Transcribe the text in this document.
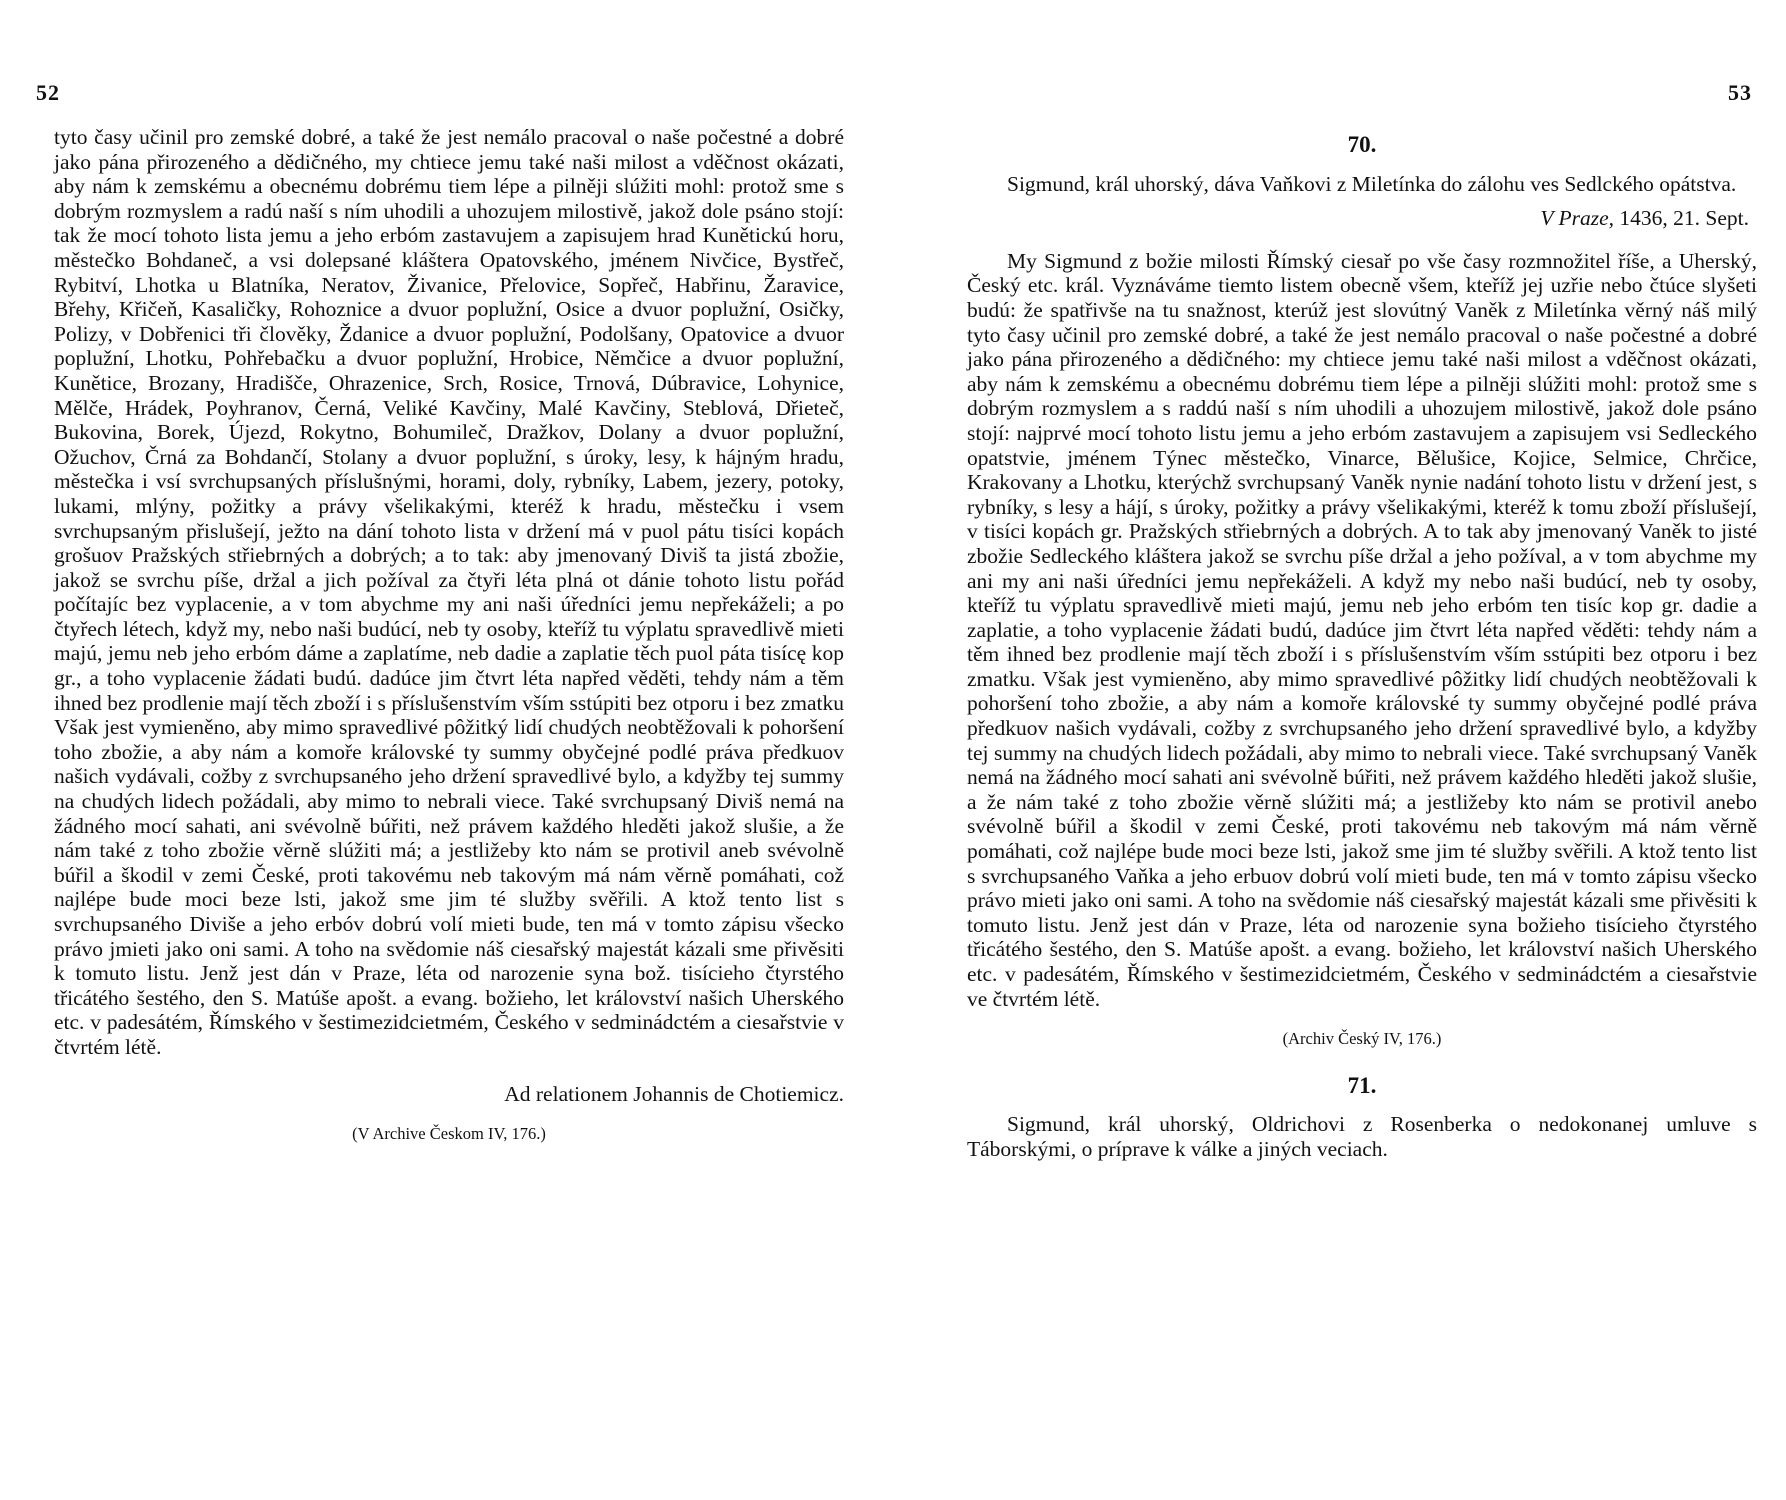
52

tyto časy učinil pro zemské dobré, a také že jest nemálo pracoval o naše počestné a dobré jako pána přirozeného a dědičného, my chtiece jemu také naši milost a vděčnost okázati, aby nám k zemskému a obecnému dobrému tiem lépe a pilněji slúžiti mohl: protož sme s dobrým rozmyslem a radú naší s ním uhodili a uhozujem milostivě, jakož dole psáno stojí: tak že mocí tohoto lista jemu a jeho erbóm zastavujem a zapisujem hrad Kunětickú horu, městečko Bohdaneč, a vsi dolepsané kláštera Opatovského, jménem Nivčice, Bystřeč, Rybitví, Lhotka u Blatníka, Neratov, Živanice, Přelovice, Sopřeč, Habřinu, Žaravice, Břehy, Křičeň, Kasaličky, Rohoznice a dvuor poplužní, Osice a dvuor poplužní, Osičky, Polizy, v Dobřenici tři člověky, Ždanice a dvuor poplužní, Podolšany, Opatovice a dvuor poplužní, Lhotku, Pohřebačku a dvuor poplužní, Hrobice, Němčice a dvuor poplužní, Kunětice, Brozany, Hradišče, Ohrazenice, Srch, Rosice, Trnová, Dúbravice, Lohynice, Mělče, Hrádek, Poyhranov, Černá, Veliké Kavčiny, Malé Kavčiny, Steblová, Dřieteč, Bukovina, Borek, Újezd, Rokytno, Bohumileč, Dražkov, Dolany a dvuor poplužní, Ožuchov, Črná za Bohdančí, Stolany a dvuor poplužní, s úroky, lesy, k hájným hradu, městečka i vsí svrchupsaných příslušnými, horami, doly, rybníky, Labem, jezery, potoky, lukami, mlýny, požitky a právy všelikakými, kteréž k hradu, městečku i vsem svrchupsaným přislušejí, ježto na dání tohoto lista v držení má v puol pátu tisíci kopách grošuov Pražských střiebrných a dobrých; a to tak: aby jmenovaný Diviš ta jistá zbožie, jakož se svrchu píše, držal a jich požíval za čtyři léta plná ot dánie tohoto listu pořád počítajíc bez vyplacenie, a v tom abychme my ani naši úředníci jemu nepřekáželi; a po čtyřech létech, když my, nebo naši budúcí, neb ty osoby, kteříž tu výplatu spravedlivě mieti majú, jemu neb jeho erbóm dáme a zaplatíme, neb dadie a zaplatie těch puol páta tisícę kop gr., a toho vyplacenie žádati budú. dadúce jim čtvrt léta napřed věděti, tehdy nám a těm ihned bez prodlenie mají těch zboží i s příslušenstvím vším sstúpiti bez otporu i bez zmatku Však jest vymieněno, aby mimo spravedlivé pôžitký lidí chudých neobtěžovali k pohoršení toho zbožie, a aby nám a komoře královské ty summy obyčejné podlé práva předkuov našich vydávali, cožby z svrchupsaného jeho držení spravedlivé bylo, a kdyžby tej summy na chudých lidech požádali, aby mimo to nebrali viece. Také svrchupsaný Diviš nemá na žádného mocí sahati, ani svévolně búřiti, než právem každého hleděti jakož slušie, a že nám také z toho zbožie věrně slúžiti má; a jestližeby kto nám se protivil aneb svévolně búřil a škodil v zemi České, proti takovému neb takovým má nám věrně pomáhati, což najlépe bude moci beze lsti, jakož sme jim té služby svěřili. A ktož tento list s svrchupsaného Diviše a jeho erbóv dobrú volí mieti bude, ten má v tomto zápisu všecko právo jmieti jako oni sami. A toho na svědomie náš ciesařský majestát kázali sme přivěsiti k tomuto listu. Jenž jest dán v Praze, léta od narozenie syna bož. tisícieho čtyrstého třicátého šestého, den S. Matúše apošt. a evang. božieho, let království našich Uherského etc. v padesátém, Římského v šestimezidcietmém, Českého v sedminádctém a ciesařstvie v čtvrtém létě.

Ad relationem Johannis de Chotiemicz.
(V Archive Českom IV, 176.)
53
70.

Sigmund, král uhorský, dáva Vaňkovi z Miletínka do zálohu ves Sedlckého opátstva.

V Praze, 1436, 21. Sept.

My Sigmund z božie milosti Římský ciesař po vše časy rozmnožitel říše, a Uherský, Český etc. král. Vyznáváme tiemto listem obecně všem, kteříž jej uzřie nebo čtúce slyšeti budú: že spatřivše na tu snažnost, kterúž jest slovútný Vaněk z Miletínka věrný náš milý tyto časy učinil pro zemské dobré, a také že jest nemálo pracoval o naše počestné a dobré jako pána přirozeného a dědičného: my chtiece jemu také naši milost a vděčnost okázati, aby nám k zemskému a obecnému dobrému tiem lépe a pilněji slúžiti mohl: protož sme s dobrým rozmyslem a s raddú naší s ním uhodili a uhozujem milostivě, jakož dole psáno stojí: najprvé mocí tohoto listu jemu a jeho erbóm zastavujem a zapisujem vsi Sedleckého opatstvie, jménem Týnec městečko, Vinarce, Bělušice, Kojice, Selmice, Chrčice, Krakovany a Lhotku, kterýchž svrchupsaný Vaněk nynie nadání tohoto listu v držení jest, s rybníky, s lesy a hájí, s úroky, požitky a právy všelikakými, kteréž k tomu zboží příslušejí, v tisíci kopách gr. Pražských střiebrných a dobrých. A to tak aby jmenovaný Vaněk to jisté zbožie Sedleckého kláštera jakož se svrchu píše držal a jeho požíval, a v tom abychme my ani my ani naši úředníci jemu nepřekáželi. A když my nebo naši budúcí, neb ty osoby, kteříž tu výplatu spravedlivě mieti majú, jemu neb jeho erbóm ten tisíc kop gr. dadie a zaplatie, a toho vyplacenie žádati budú, dadúce jim čtvrt léta napřed věděti: tehdy nám a těm ihned bez prodlenie mají těch zboží i s příslušenstvím vším sstúpiti bez otporu i bez zmatku. Však jest vymieněno, aby mimo spravedlivé pôžitky lidí chudých neobtěžovali k pohoršení toho zbožie, a aby nám a komoře královské ty summy obyčejné podlé práva předkuov našich vydávali, cožby z svrchupsaného jeho držení spravedlivé bylo, a kdyžby tej summy na chudých lidech požádali, aby mimo to nebrali viece. Také svrchupsaný Vaněk nemá na žádného mocí sahati ani svévolně búřiti, než právem každého hleděti jakož slušie, a že nám také z toho zbožie věrně slúžiti má; a jestližeby kto nám se protivil anebo svévolně búřil a škodil v zemi České, proti takovému neb takovým má nám věrně pomáhati, což najlépe bude moci beze lsti, jakož sme jim té služby svěřili. A ktož tento list s svrchupsaného Vaňka a jeho erbuov dobrú volí mieti bude, ten má v tomto zápisu všecko právo mieti jako oni sami. A toho na svědomie náš ciesařský majestát kázali sme přivěsiti k tomuto listu. Jenž jest dán v Praze, léta od narozenie syna božieho tisícieho čtyrstého třicátého šestého, den S. Matúše apošt. a evang. božieho, let království našich Uherského etc. v padesátém, Římského v šestimezidcietmém, Českého v sedminádctém a ciesařstvie ve čtvrtém létě.

(Archiv Český IV, 176.)
71.

Sigmund, král uhorský, Oldrichovi z Rosenberka o nedokonanej umluve s Táborskými, o príprave k válke a jiných veciach.
